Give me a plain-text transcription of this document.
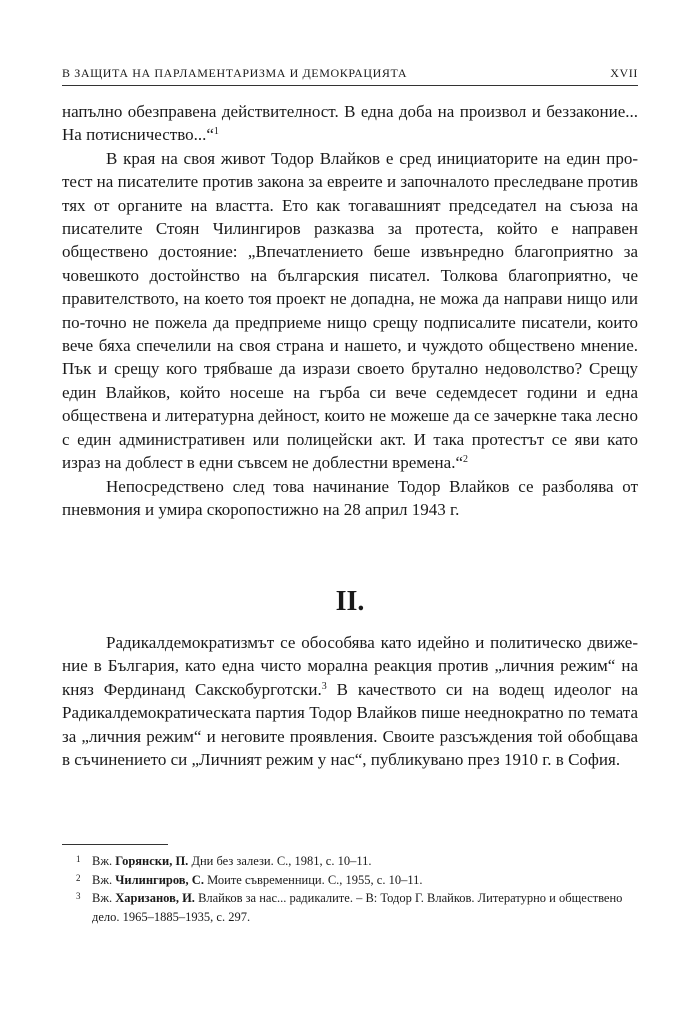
В ЗАЩИТА НА ПАРЛАМЕНТАРИЗМА И ДЕМОКРАЦИЯТА	XVII

напълно обезправена действителност. В една доба на произвол и беззаконие... На потисничество...“$^1$

В края на своя живот Тодор Влайков е сред инициаторите на един протест на писателите против закона за евреите и започналото преследване против тях от органите на властта. Ето как тогавашният председател на съюза на писателите Стоян Чилингиров разказва за протеста, който е направен обществено достояние: „Впечатлението беше извънредно благоприятно за човешкото достойнство на българския писател. Толкова благоприятно, че правителството, на което тоя проект не допадна, не можа да направи нищо или по-точно не пожела да предприеме нищо срещу подписалите писатели, които вече бяха спечелили на своя страна и нашето, и чуждото обществено мнение. Пък и срещу кого трябваше да изрази своето брутално недоволство? Срещу един Влайков, който носеше на гърба си вече седемдесет години и една обществена и литературна дейност, които не можеше да се зачеркне така лесно с един административен или полицейски акт. И така протестът се яви като израз на доблест в едни съвсем не доблестни времена.“$^2$

Непосредствено след това начинание Тодор Влайков се разболява от пневмония и умира скоропостижно на 28 април 1943 г.

II.

Радикалдемократизмът се обособява като идейно и политическо движение в България, като една чисто морална реакция против „личния режим“ на княз Фердинанд Сакскобурготски.$^3$ В качеството си на водещ идеолог на Радикалдемократическата партия Тодор Влайков пише нееднократно по темата за „личния режим“ и неговите проявления. Своите разсъждения той обобщава в съчинението си „Личният режим у нас“, публикувано през 1910 г. в София.

1 Вж. Горянски, П. Дни без залези. С., 1981, с. 10–11.
2 Вж. Чилингиров, С. Моите съвременници. С., 1955, с. 10–11.
3 Вж. Харизанов, И. Влайков за нас... радикалите. – В: Тодор Г. Влайков. Литературно и обществено дело. 1965–1885–1935, с. 297.
